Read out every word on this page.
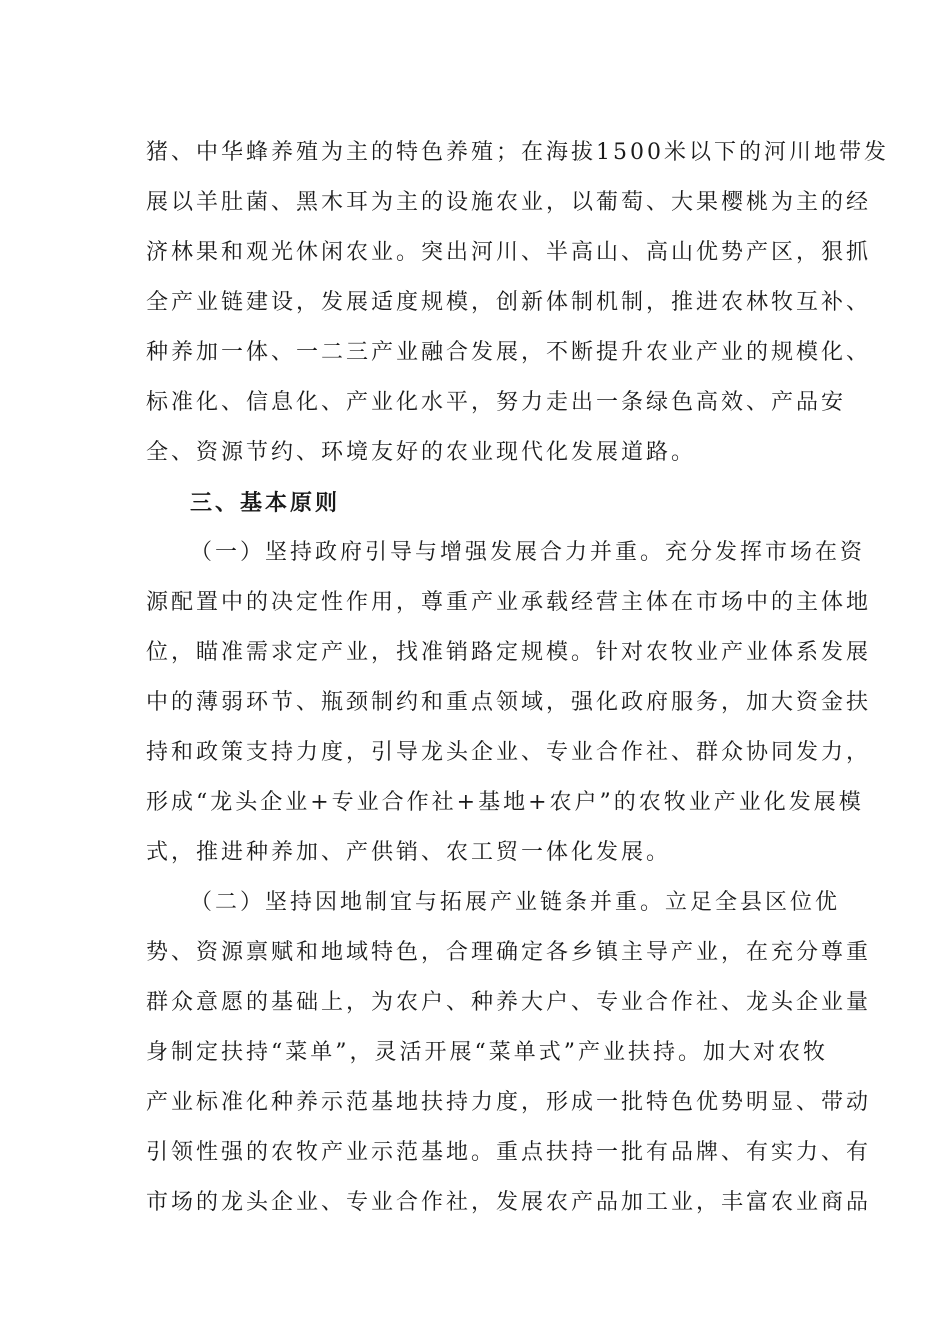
猪、中华蜂养殖为主的特色养殖；在海拔1500米以下的河川地带发
展以羊肚菌、黑木耳为主的设施农业，以葡萄、大果樱桃为主的经
济林果和观光休闲农业。突出河川、半高山、高山优势产区，狠抓
全产业链建设，发展适度规模，创新体制机制，推进农林牧互补、
种养加一体、一二三产业融合发展，不断提升农业产业的规模化、
标准化、信息化、产业化水平，努力走出一条绿色高效、产品安
全、资源节约、环境友好的农业现代化发展道路。
三、基本原则
（一）坚持政府引导与增强发展合力并重。充分发挥市场在资
源配置中的决定性作用，尊重产业承载经营主体在市场中的主体地
位，瞄准需求定产业，找准销路定规模。针对农牧业产业体系发展
中的薄弱环节、瓶颈制约和重点领域，强化政府服务，加大资金扶
持和政策支持力度，引导龙头企业、专业合作社、群众协同发力，
形成“龙头企业+专业合作社+基地+农户”的农牧业产业化发展模
式，推进种养加、产供销、农工贸一体化发展。
（二）坚持因地制宜与拓展产业链条并重。立足全县区位优
势、资源禀赋和地域特色，合理确定各乡镇主导产业，在充分尊重
群众意愿的基础上，为农户、种养大户、专业合作社、龙头企业量
身制定扶持“菜单”，灵活开展“菜单式”产业扶持。加大对农牧
产业标准化种养示范基地扶持力度，形成一批特色优势明显、带动
引领性强的农牧产业示范基地。重点扶持一批有品牌、有实力、有
市场的龙头企业、专业合作社，发展农产品加工业，丰富农业商品
